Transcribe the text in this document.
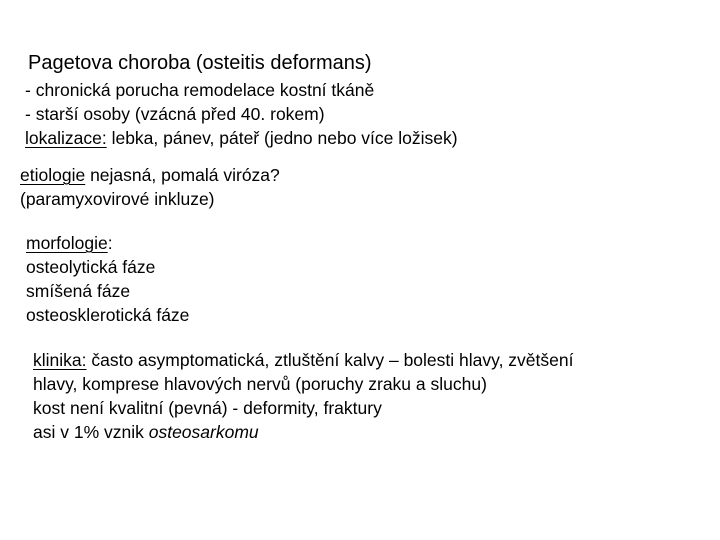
Pagetova choroba (osteitis deformans)
- chronická porucha remodelace kostní tkáně
- starší osoby (vzácná před 40. rokem)
lokalizace: lebka, pánev, páteř (jedno nebo více ložisek)
etiologie nejasná, pomalá viróza?
(paramyxovirové inkluze)
morfologie:
osteolytická fáze
smíšená fáze
osteosklerotická fáze
klinika: často asymptomatická, ztluštění kalvy – bolesti hlavy, zvětšení
hlavy, komprese hlavových nervů (poruchy zraku a sluchu)
kost není kvalitní (pevná) - deformity, fraktury
asi v 1% vznik osteosarkomu
